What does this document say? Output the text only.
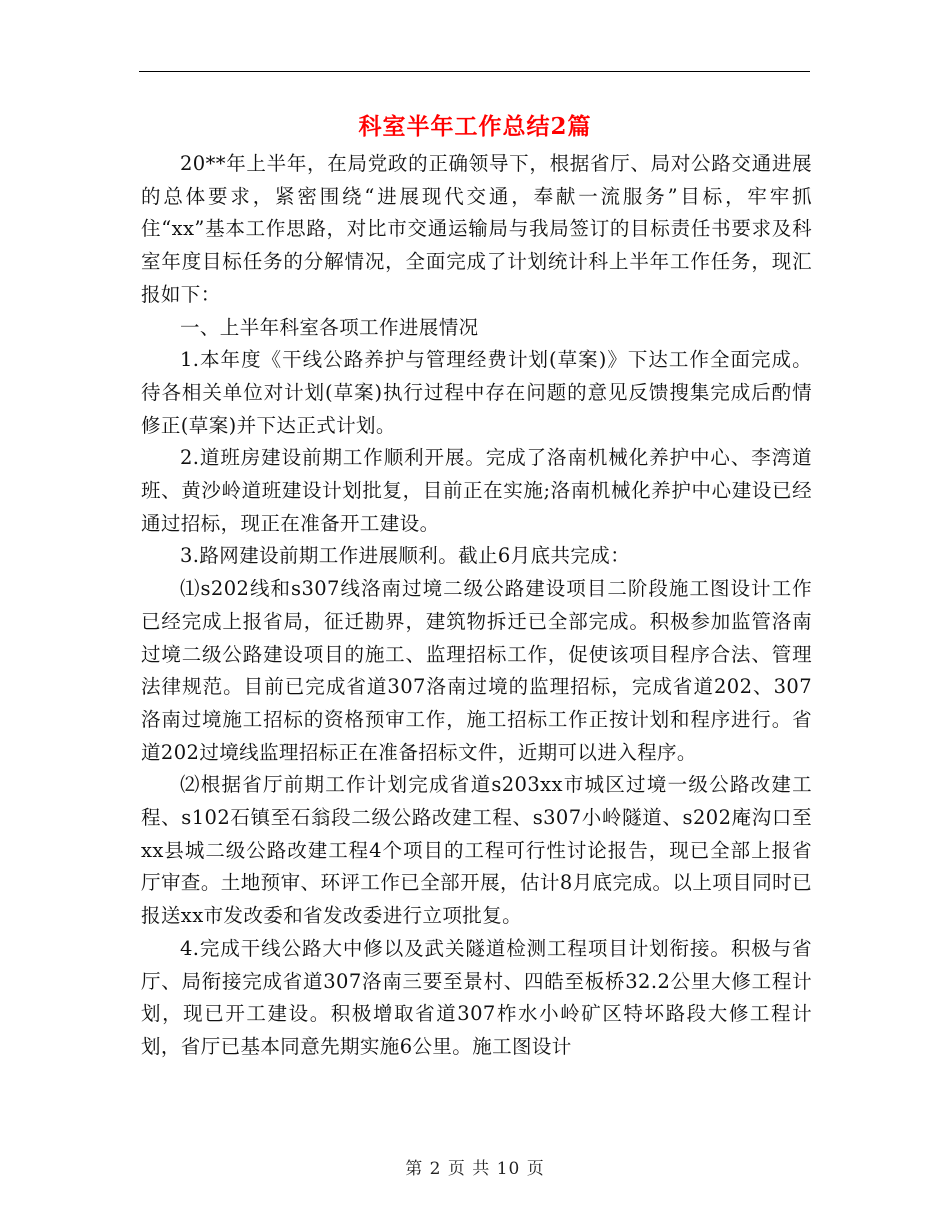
科室半年工作总结2篇

20**年上半年，在局党政的正确领导下，根据省厅、局对公路交通进展的总体要求，紧密围绕“进展现代交通，奉献一流服务”目标，牢牢抓住“xx”基本工作思路，对比市交通运输局与我局签订的目标责任书要求及科室年度目标任务的分解情况，全面完成了计划统计科上半年工作任务，现汇报如下：

一、上半年科室各项工作进展情况

1.本年度《干线公路养护与管理经费计划(草案)》下达工作全面完成。待各相关单位对计划(草案)执行过程中存在问题的意见反馈搜集完成后酌情修正(草案)并下达正式计划。

2.道班房建设前期工作顺利开展。完成了洛南机械化养护中心、李湾道班、黄沙岭道班建设计划批复，目前正在实施;洛南机械化养护中心建设已经通过招标，现正在准备开工建设。

3.路网建设前期工作进展顺利。截止6月底共完成：

⑴s202线和s307线洛南过境二级公路建设项目二阶段施工图设计工作已经完成上报省局，征迁勘界，建筑物拆迁已全部完成。积极参加监管洛南过境二级公路建设项目的施工、监理招标工作，促使该项目程序合法、管理法律规范。目前已完成省道307洛南过境的监理招标，完成省道202、307洛南过境施工招标的资格预审工作，施工招标工作正按计划和程序进行。省道202过境线监理招标正在准备招标文件，近期可以进入程序。

⑵根据省厅前期工作计划完成省道s203xx市城区过境一级公路改建工程、s102石镇至石翁段二级公路改建工程、s307小岭隧道、s202庵沟口至xx县城二级公路改建工程4个项目的工程可行性讨论报告，现已全部上报省厅审查。土地预审、环评工作已全部开展，估计8月底完成。以上项目同时已报送xx市发改委和省发改委进行立项批复。

4.完成干线公路大中修以及武关隧道检测工程项目计划衔接。积极与省厅、局衔接完成省道307洛南三要至景村、四皓至板桥32.2公里大修工程计划，现已开工建设。积极增取省道307柞水小岭矿区特坏路段大修工程计划，省厅已基本同意先期实施6公里。施工图设计

第 2 页 共 10 页
